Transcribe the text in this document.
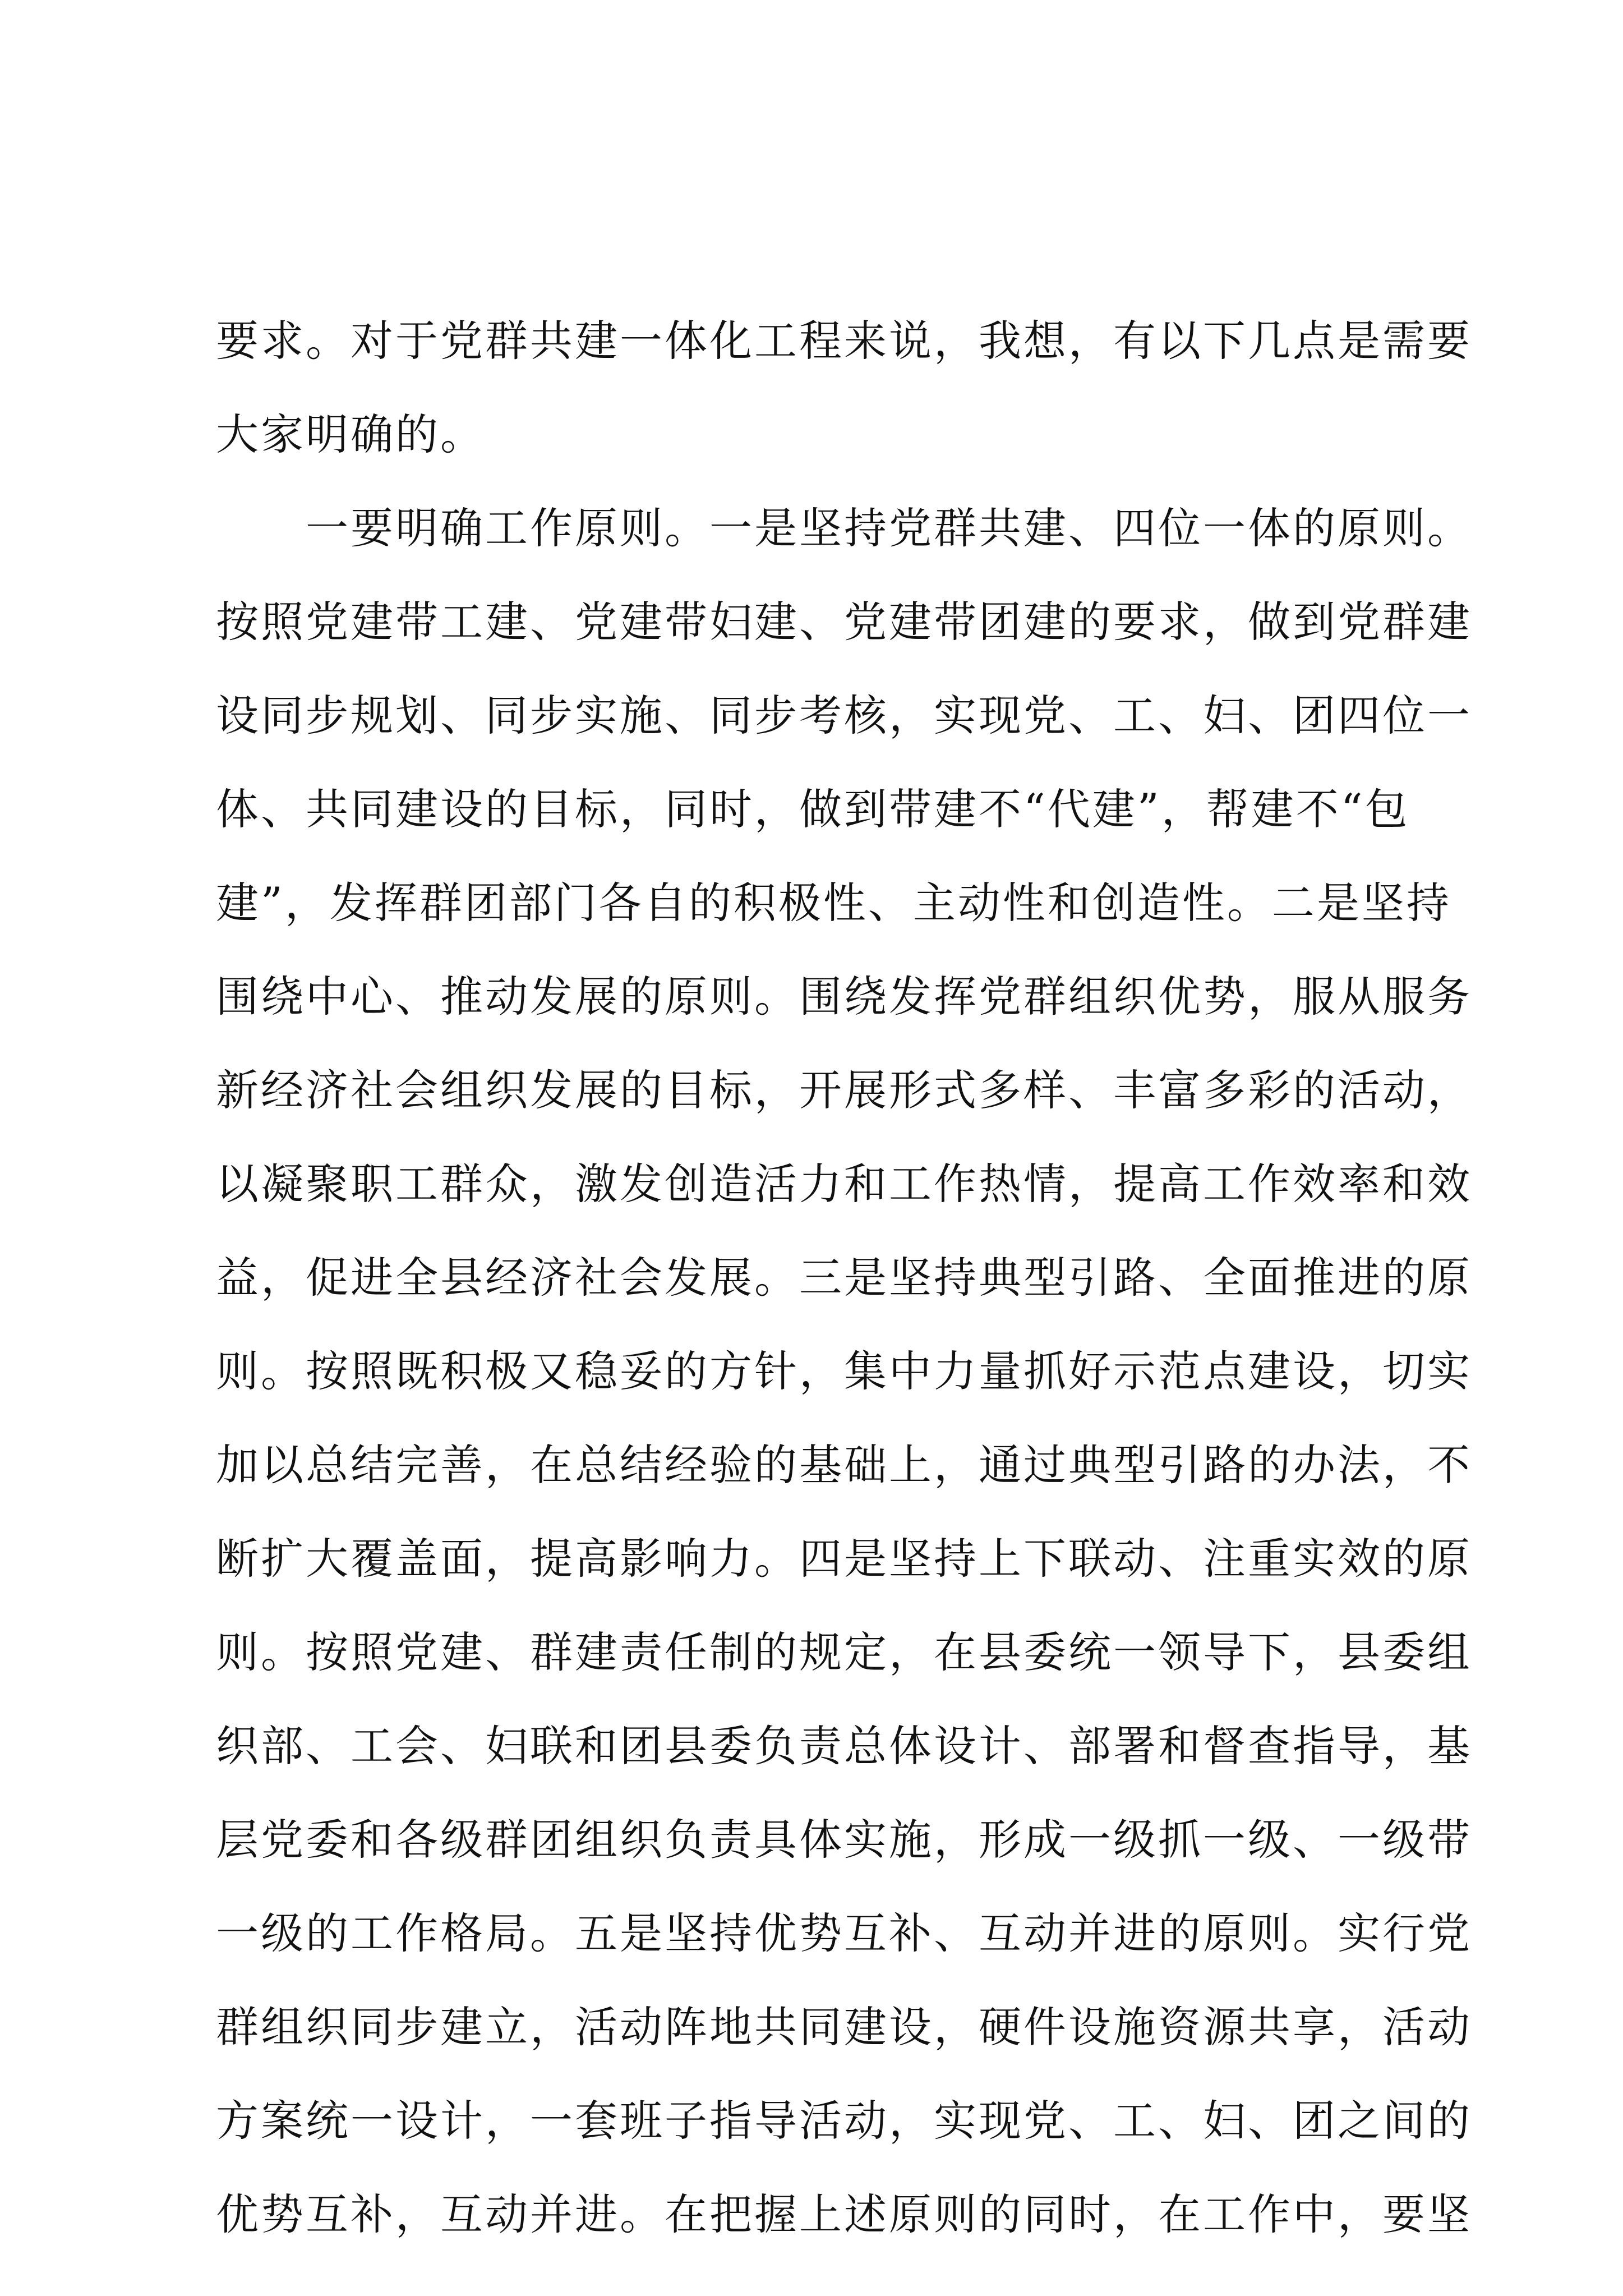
要求。对于党群共建一体化工程来说，我想，有以下几点是需要
大家明确的。
　　一要明确工作原则。一是坚持党群共建、四位一体的原则。
按照党建带工建、党建带妇建、党建带团建的要求，做到党群建
设同步规划、同步实施、同步考核，实现党、工、妇、团四位一
体、共同建设的目标，同时，做到带建不“代建”，帮建不“包
建”，发挥群团部门各自的积极性、主动性和创造性。二是坚持
围绕中心、推动发展的原则。围绕发挥党群组织优势，服从服务
新经济社会组织发展的目标，开展形式多样、丰富多彩的活动，
以凝聚职工群众，激发创造活力和工作热情，提高工作效率和效
益，促进全县经济社会发展。三是坚持典型引路、全面推进的原
则。按照既积极又稳妥的方针，集中力量抓好示范点建设，切实
加以总结完善，在总结经验的基础上，通过典型引路的办法，不
断扩大覆盖面，提高影响力。四是坚持上下联动、注重实效的原
则。按照党建、群建责任制的规定，在县委统一领导下，县委组
织部、工会、妇联和团县委负责总体设计、部署和督查指导，基
层党委和各级群团组织负责具体实施，形成一级抓一级、一级带
一级的工作格局。五是坚持优势互补、互动并进的原则。实行党
群组织同步建立，活动阵地共同建设，硬件设施资源共享，活动
方案统一设计，一套班子指导活动，实现党、工、妇、团之间的
优势互补，互动并进。在把握上述原则的同时，在工作中，要坚
